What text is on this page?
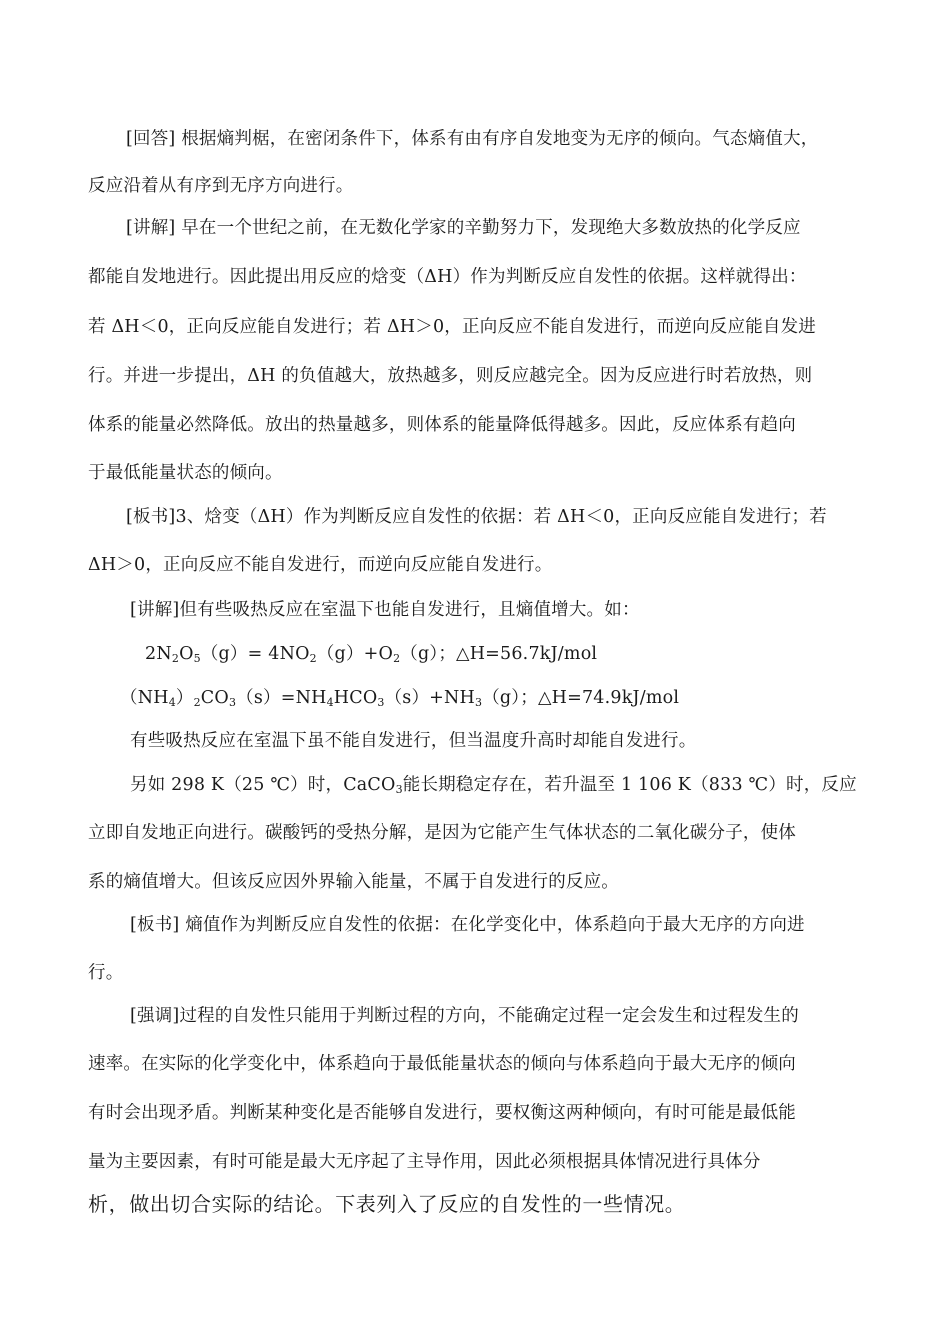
[回答] 根据熵判椐，在密闭条件下，体系有由有序自发地变为无序的倾向。气态熵值大，
反应沿着从有序到无序方向进行。
[讲解] 早在一个世纪之前，在无数化学家的辛勤努力下，发现绝大多数放热的化学反应
都能自发地进行。因此提出用反应的焓变（ΔH）作为判断反应自发性的依据。这样就得出：
若 ΔH＜0，正向反应能自发进行；若 ΔH＞0，正向反应不能自发进行，而逆向反应能自发进
行。并进一步提出，ΔH 的负值越大，放热越多，则反应越完全。因为反应进行时若放热，则
体系的能量必然降低。放出的热量越多，则体系的能量降低得越多。因此，反应体系有趋向
于最低能量状态的倾向。
[板书]3、焓变（ΔH）作为判断反应自发性的依据：若 ΔH＜0，正向反应能自发进行；若
ΔH＞0，正向反应不能自发进行，而逆向反应能自发进行。
[讲解]但有些吸热反应在室温下也能自发进行，且熵值增大。如：
$2N_2O_5(g)= 4NO_2(g)+O_2(g)$；△H=56.7kJ/mol
$(NH_4)_2CO_3(s)=NH_4HCO_3(s)+NH_3(g)$；△H=74.9kJ/mol
有些吸热反应在室温下虽不能自发进行，但当温度升高时却能自发进行。
另如 298 K（25 ℃）时，CaCO$_3$能长期稳定存在，若升温至 1 106 K（833 ℃）时，反应
立即自发地正向进行。碳酸钙的受热分解，是因为它能产生气体状态的二氧化碳分子，使体
系的熵值增大。但该反应因外界输入能量，不属于自发进行的反应。
[板书] 熵值作为判断反应自发性的依据：在化学变化中，体系趋向于最大无序的方向进
行。
[强调]过程的自发性只能用于判断过程的方向，不能确定过程一定会发生和过程发生的
速率。在实际的化学变化中，体系趋向于最低能量状态的倾向与体系趋向于最大无序的倾向
有时会出现矛盾。判断某种变化是否能够自发进行，要权衡这两种倾向，有时可能是最低能
量为主要因素，有时可能是最大无序起了主导作用，因此必须根据具体情况进行具体分
析，做出切合实际的结论。下表列入了反应的自发性的一些情况。
